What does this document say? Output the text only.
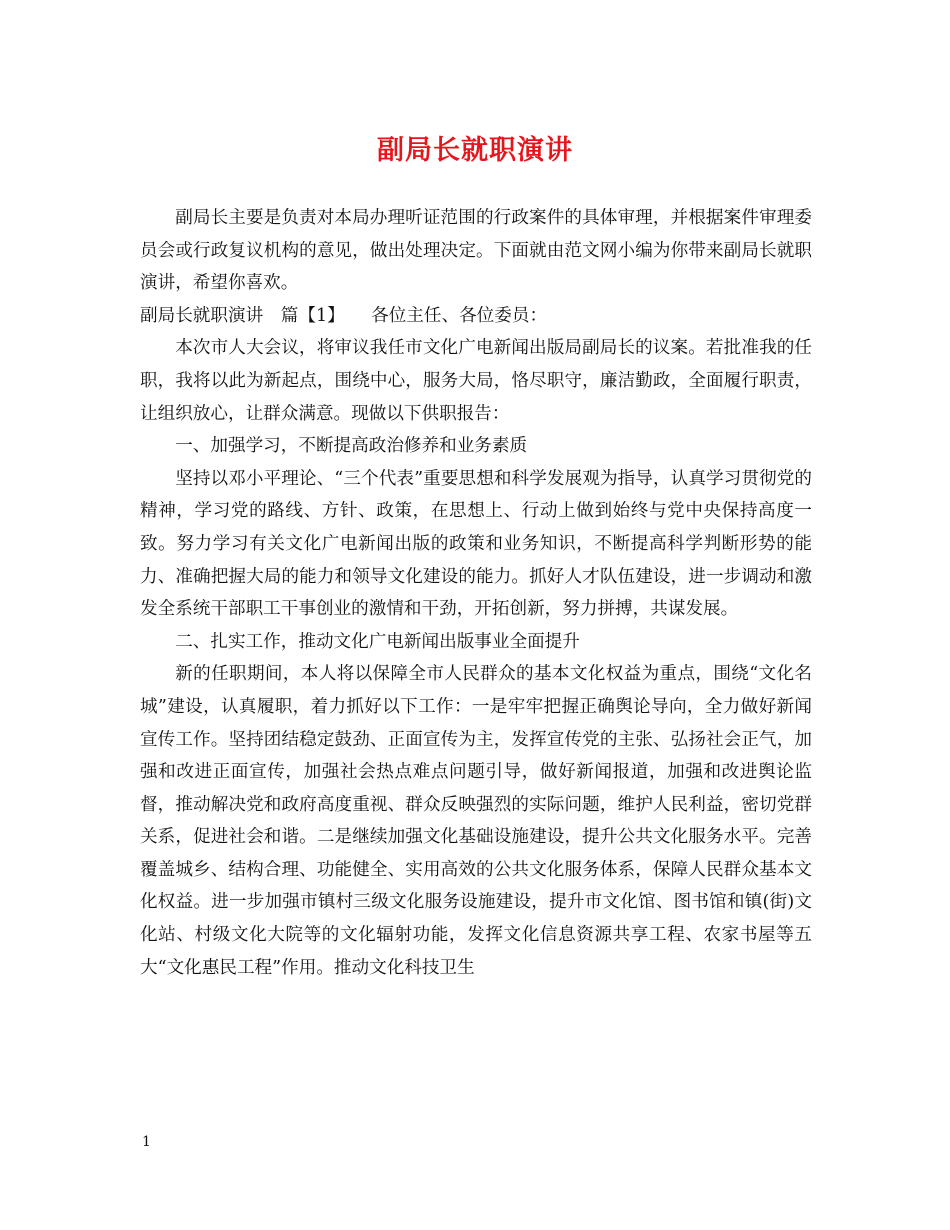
副局长就职演讲

副局长主要是负责对本局办理听证范围的行政案件的具体审理，并根据案件审理委员会或行政复议机构的意见，做出处理决定。下面就由范文网小编为你带来副局长就职演讲，希望你喜欢。

副局长就职演讲　篇【1】　　各位主任、各位委员：

本次市人大会议，将审议我任市文化广电新闻出版局副局长的议案。若批准我的任职，我将以此为新起点，围绕中心，服务大局，恪尽职守，廉洁勤政，全面履行职责，让组织放心，让群众满意。现做以下供职报告：

一、加强学习，不断提高政治修养和业务素质

坚持以邓小平理论、“三个代表”重要思想和科学发展观为指导，认真学习贯彻党的精神，学习党的路线、方针、政策，在思想上、行动上做到始终与党中央保持高度一致。努力学习有关文化广电新闻出版的政策和业务知识，不断提高科学判断形势的能力、准确把握大局的能力和领导文化建设的能力。抓好人才队伍建设，进一步调动和激发全系统干部职工干事创业的激情和干劲，开拓创新，努力拼搏，共谋发展。

二、扎实工作，推动文化广电新闻出版事业全面提升

新的任职期间，本人将以保障全市人民群众的基本文化权益为重点，围绕“文化名城”建设，认真履职，着力抓好以下工作：一是牢牢把握正确舆论导向，全力做好新闻宣传工作。坚持团结稳定鼓劲、正面宣传为主，发挥宣传党的主张、弘扬社会正气，加强和改进正面宣传，加强社会热点难点问题引导，做好新闻报道，加强和改进舆论监督，推动解决党和政府高度重视、群众反映强烈的实际问题，维护人民利益，密切党群关系，促进社会和谐。二是继续加强文化基础设施建设，提升公共文化服务水平。完善覆盖城乡、结构合理、功能健全、实用高效的公共文化服务体系，保障人民群众基本文化权益。进一步加强市镇村三级文化服务设施建设，提升市文化馆、图书馆和镇(街)文化站、村级文化大院等的文化辐射功能，发挥文化信息资源共享工程、农家书屋等五大“文化惠民工程”作用。推动文化科技卫生

1
